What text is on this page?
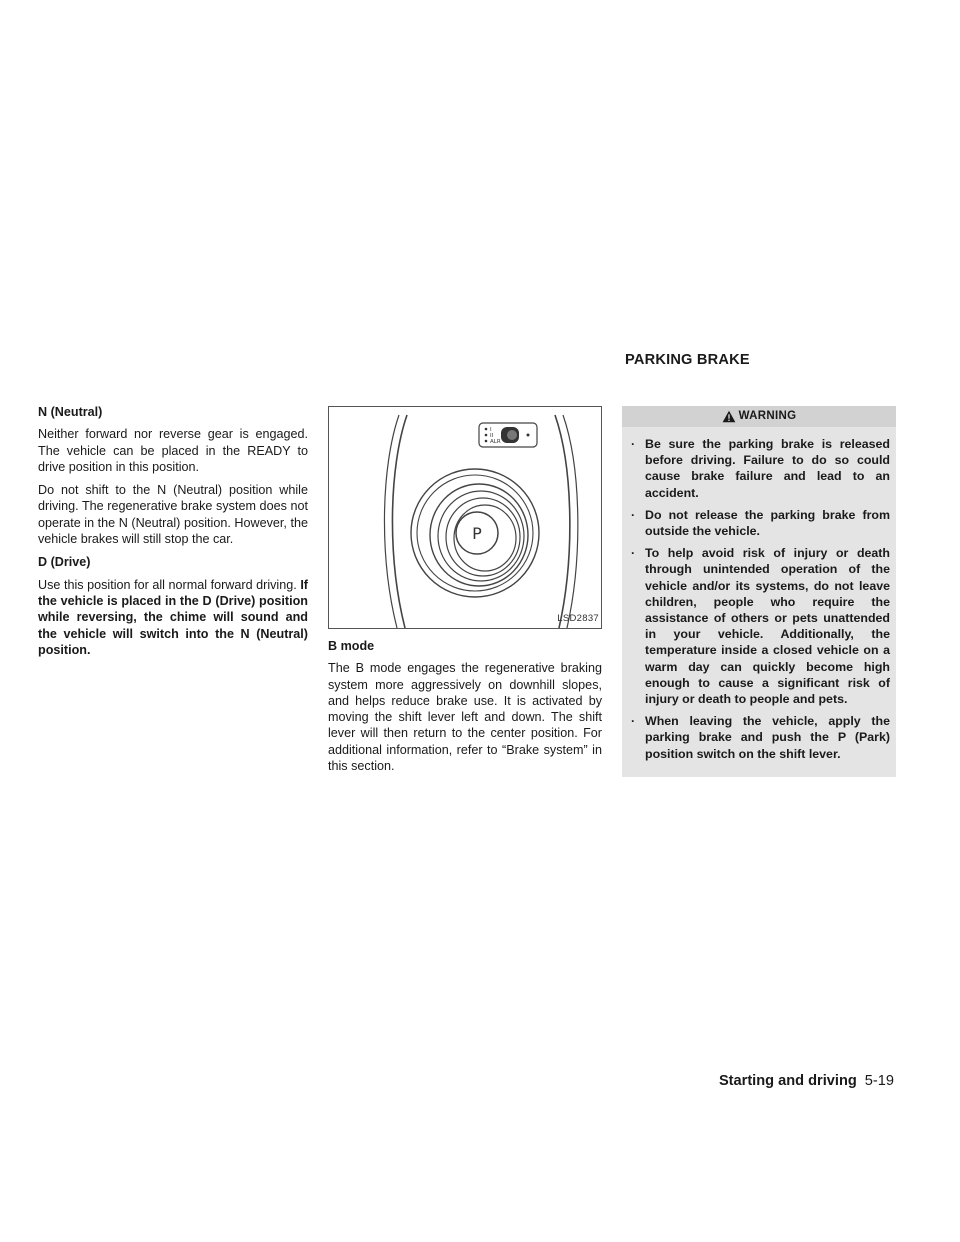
PARKING BRAKE
N (Neutral)

Neither forward nor reverse gear is engaged. The vehicle can be placed in the READY to drive position in this position.

Do not shift to the N (Neutral) position while driving. The regenerative brake system does not operate in the N (Neutral) position. However, the vehicle brakes will still stop the car.

D (Drive)

Use this position for all normal forward driving. If the vehicle is placed in the D (Drive) position while reversing, the chime will sound and the vehicle will switch into the N (Neutral) position.

I
II
ALR
P
LSD2837
B mode

The B mode engages the regenerative braking system more aggressively on downhill slopes, and helps reduce brake use. It is activated by moving the shift lever left and down. The shift lever will then return to the center position. For additional information, refer to “Brake system” in this section.

WARNING
· Be sure the parking brake is released before driving. Failure to do so could cause brake failure and lead to an accident.
· Do not release the parking brake from outside the vehicle.
· To help avoid risk of injury or death through unintended operation of the vehicle and/or its systems, do not leave children, people who require the assistance of others or pets unattended in your vehicle. Additionally, the temperature inside a closed vehicle on a warm day can quickly become high enough to cause a significant risk of injury or death to people and pets.
· When leaving the vehicle, apply the parking brake and push the P (Park) position switch on the shift lever.
Starting and driving 5-19
